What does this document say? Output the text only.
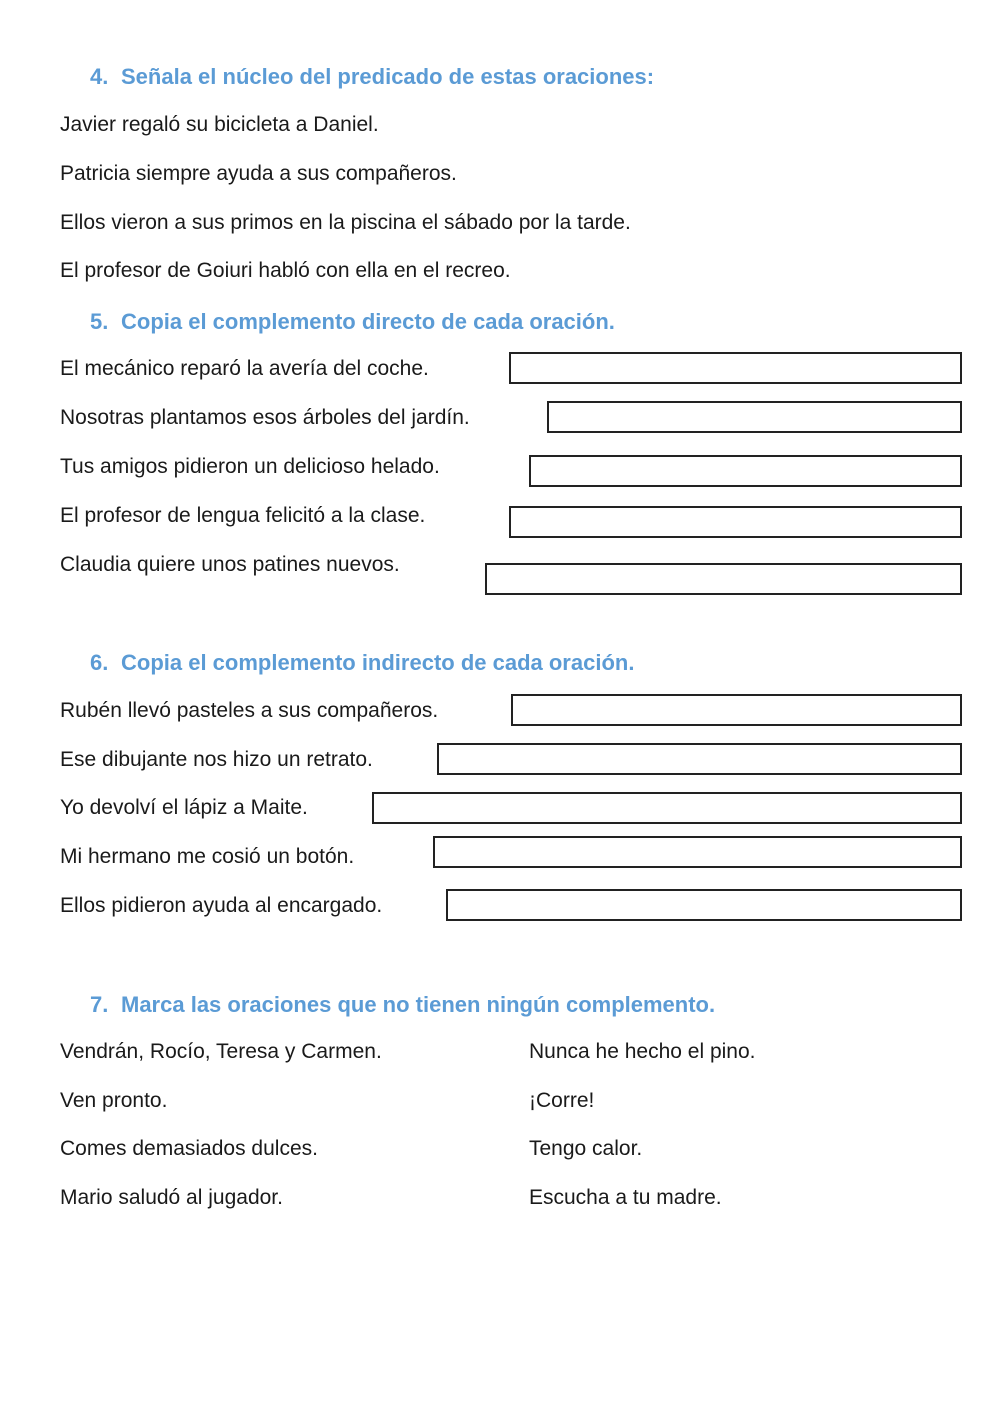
4. Señala el núcleo del predicado de estas oraciones:
Javier regaló su bicicleta a Daniel.
Patricia siempre ayuda a sus compañeros.
Ellos vieron a sus primos en la piscina el sábado por la tarde.
El profesor de Goiuri habló con ella en el recreo.
5. Copia el complemento directo de cada oración.
El mecánico reparó la avería del coche.
Nosotras plantamos esos árboles del jardín.
Tus amigos pidieron un delicioso helado.
El profesor de lengua felicitó a la clase.
Claudia quiere unos patines nuevos.
6. Copia el complemento indirecto de cada oración.
Rubén llevó pasteles a sus compañeros.
Ese dibujante nos hizo un retrato.
Yo devolví el lápiz a Maite.
Mi hermano me cosió un botón.
Ellos pidieron ayuda al encargado.
7. Marca las oraciones que no tienen ningún complemento.
Vendrán, Rocío, Teresa y Carmen.	Nunca he hecho el pino.
Ven pronto.	¡Corre!
Comes demasiados dulces.	Tengo calor.
Mario saludó al jugador.	Escucha a tu madre.
